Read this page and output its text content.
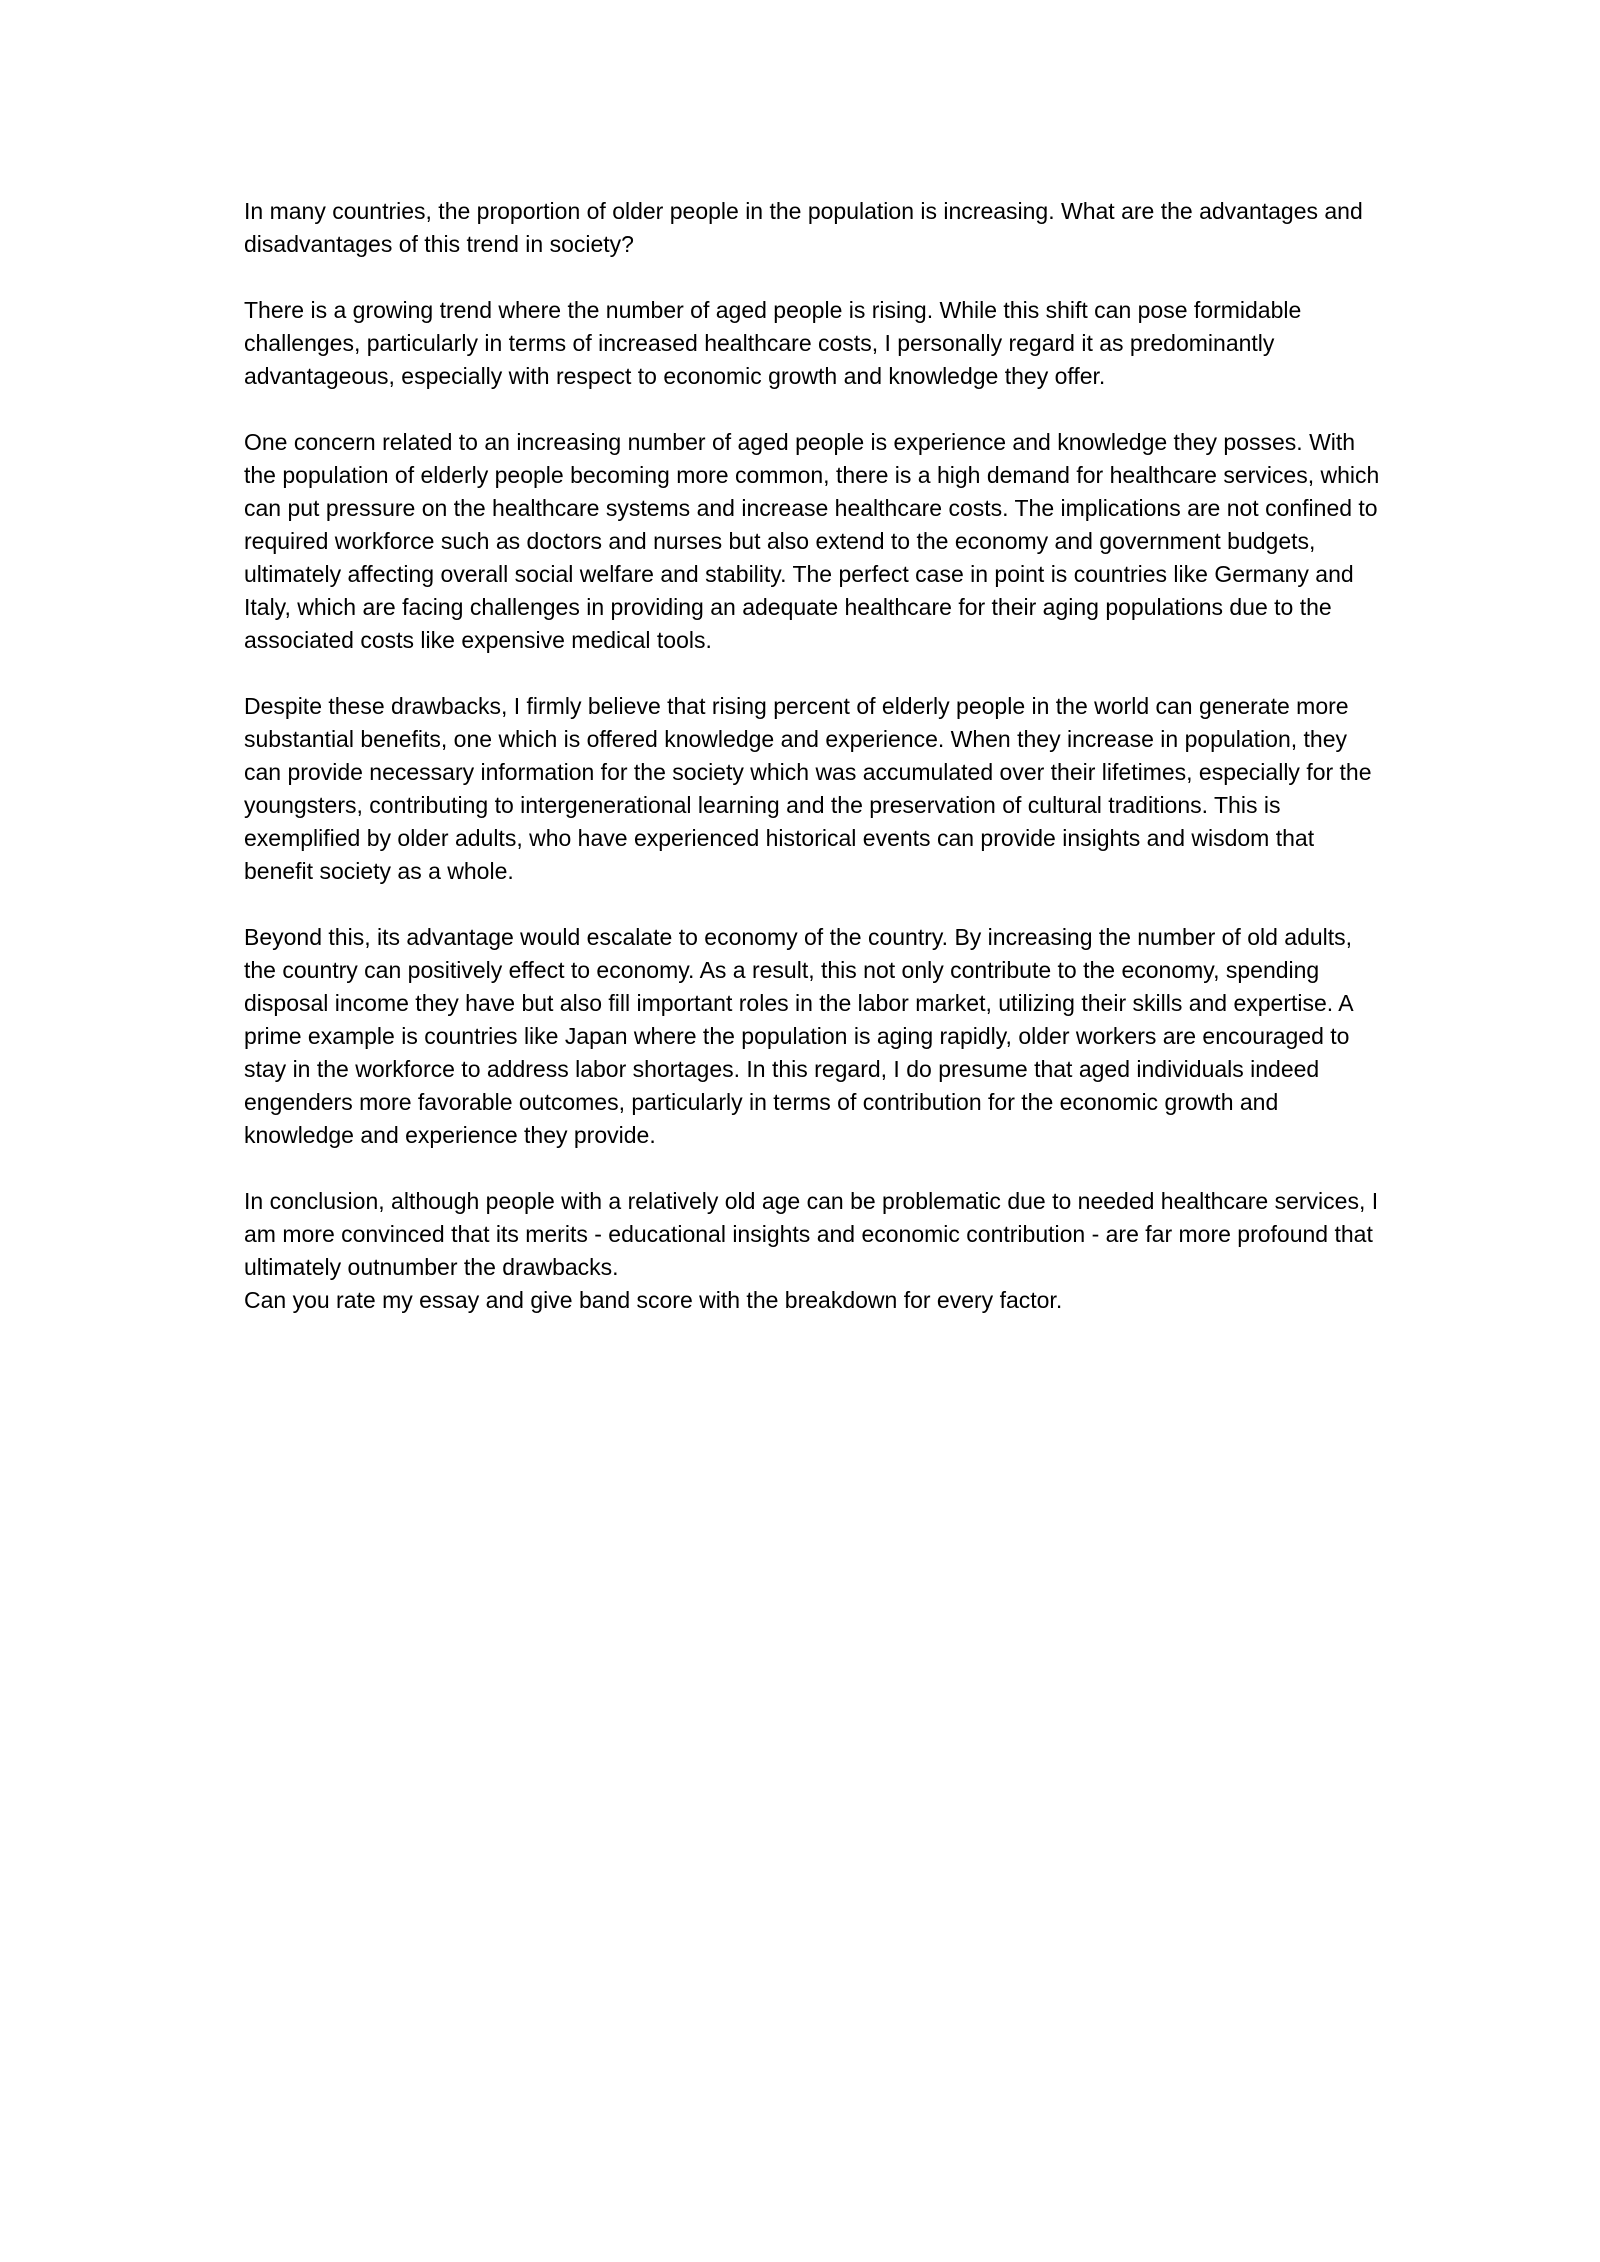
In many countries, the proportion of older people in the population is increasing. What are the advantages and disadvantages of this trend in society?

There is a growing trend where the number of aged people is rising. While this shift can pose formidable challenges, particularly in terms of increased healthcare costs, I personally regard it as predominantly advantageous, especially with respect to economic growth and knowledge they offer.

One concern related to an increasing number of aged people is experience and knowledge they posses. With the population of elderly people becoming more common, there is a high demand for healthcare services, which can put pressure on the healthcare systems and increase healthcare costs. The implications are not confined to required workforce such as doctors and nurses but also extend to the economy and government budgets, ultimately affecting overall social welfare and stability. The perfect case in point is countries like Germany and Italy, which are facing challenges in providing an adequate healthcare for their aging populations due to the associated costs like expensive medical tools.

Despite these drawbacks, I firmly believe that rising percent of elderly people in the world can generate more substantial benefits, one which is offered knowledge and experience. When they increase in population, they can provide necessary information for the society which was accumulated over their lifetimes, especially for the youngsters, contributing to intergenerational learning and the preservation of cultural traditions. This is exemplified by older adults, who have experienced historical events can provide insights and wisdom that benefit society as a whole.

Beyond this, its advantage would escalate to economy of the country. By increasing the number of old adults, the country can positively effect to economy. As a result, this not only contribute to the economy, spending disposal income they have but also fill important roles in the labor market, utilizing their skills and expertise. A prime example is countries like Japan where the population is aging rapidly, older workers are encouraged to stay in the workforce to address labor shortages. In this regard, I do presume that aged individuals indeed engenders more favorable outcomes, particularly in terms of contribution for the economic growth and knowledge and experience they provide.

In conclusion, although people with a relatively old age can be problematic due to needed healthcare services, I am more convinced that its merits - educational insights and economic contribution - are far more profound that ultimately outnumber the drawbacks.

Can you rate my essay and give band score with the breakdown for every factor.
